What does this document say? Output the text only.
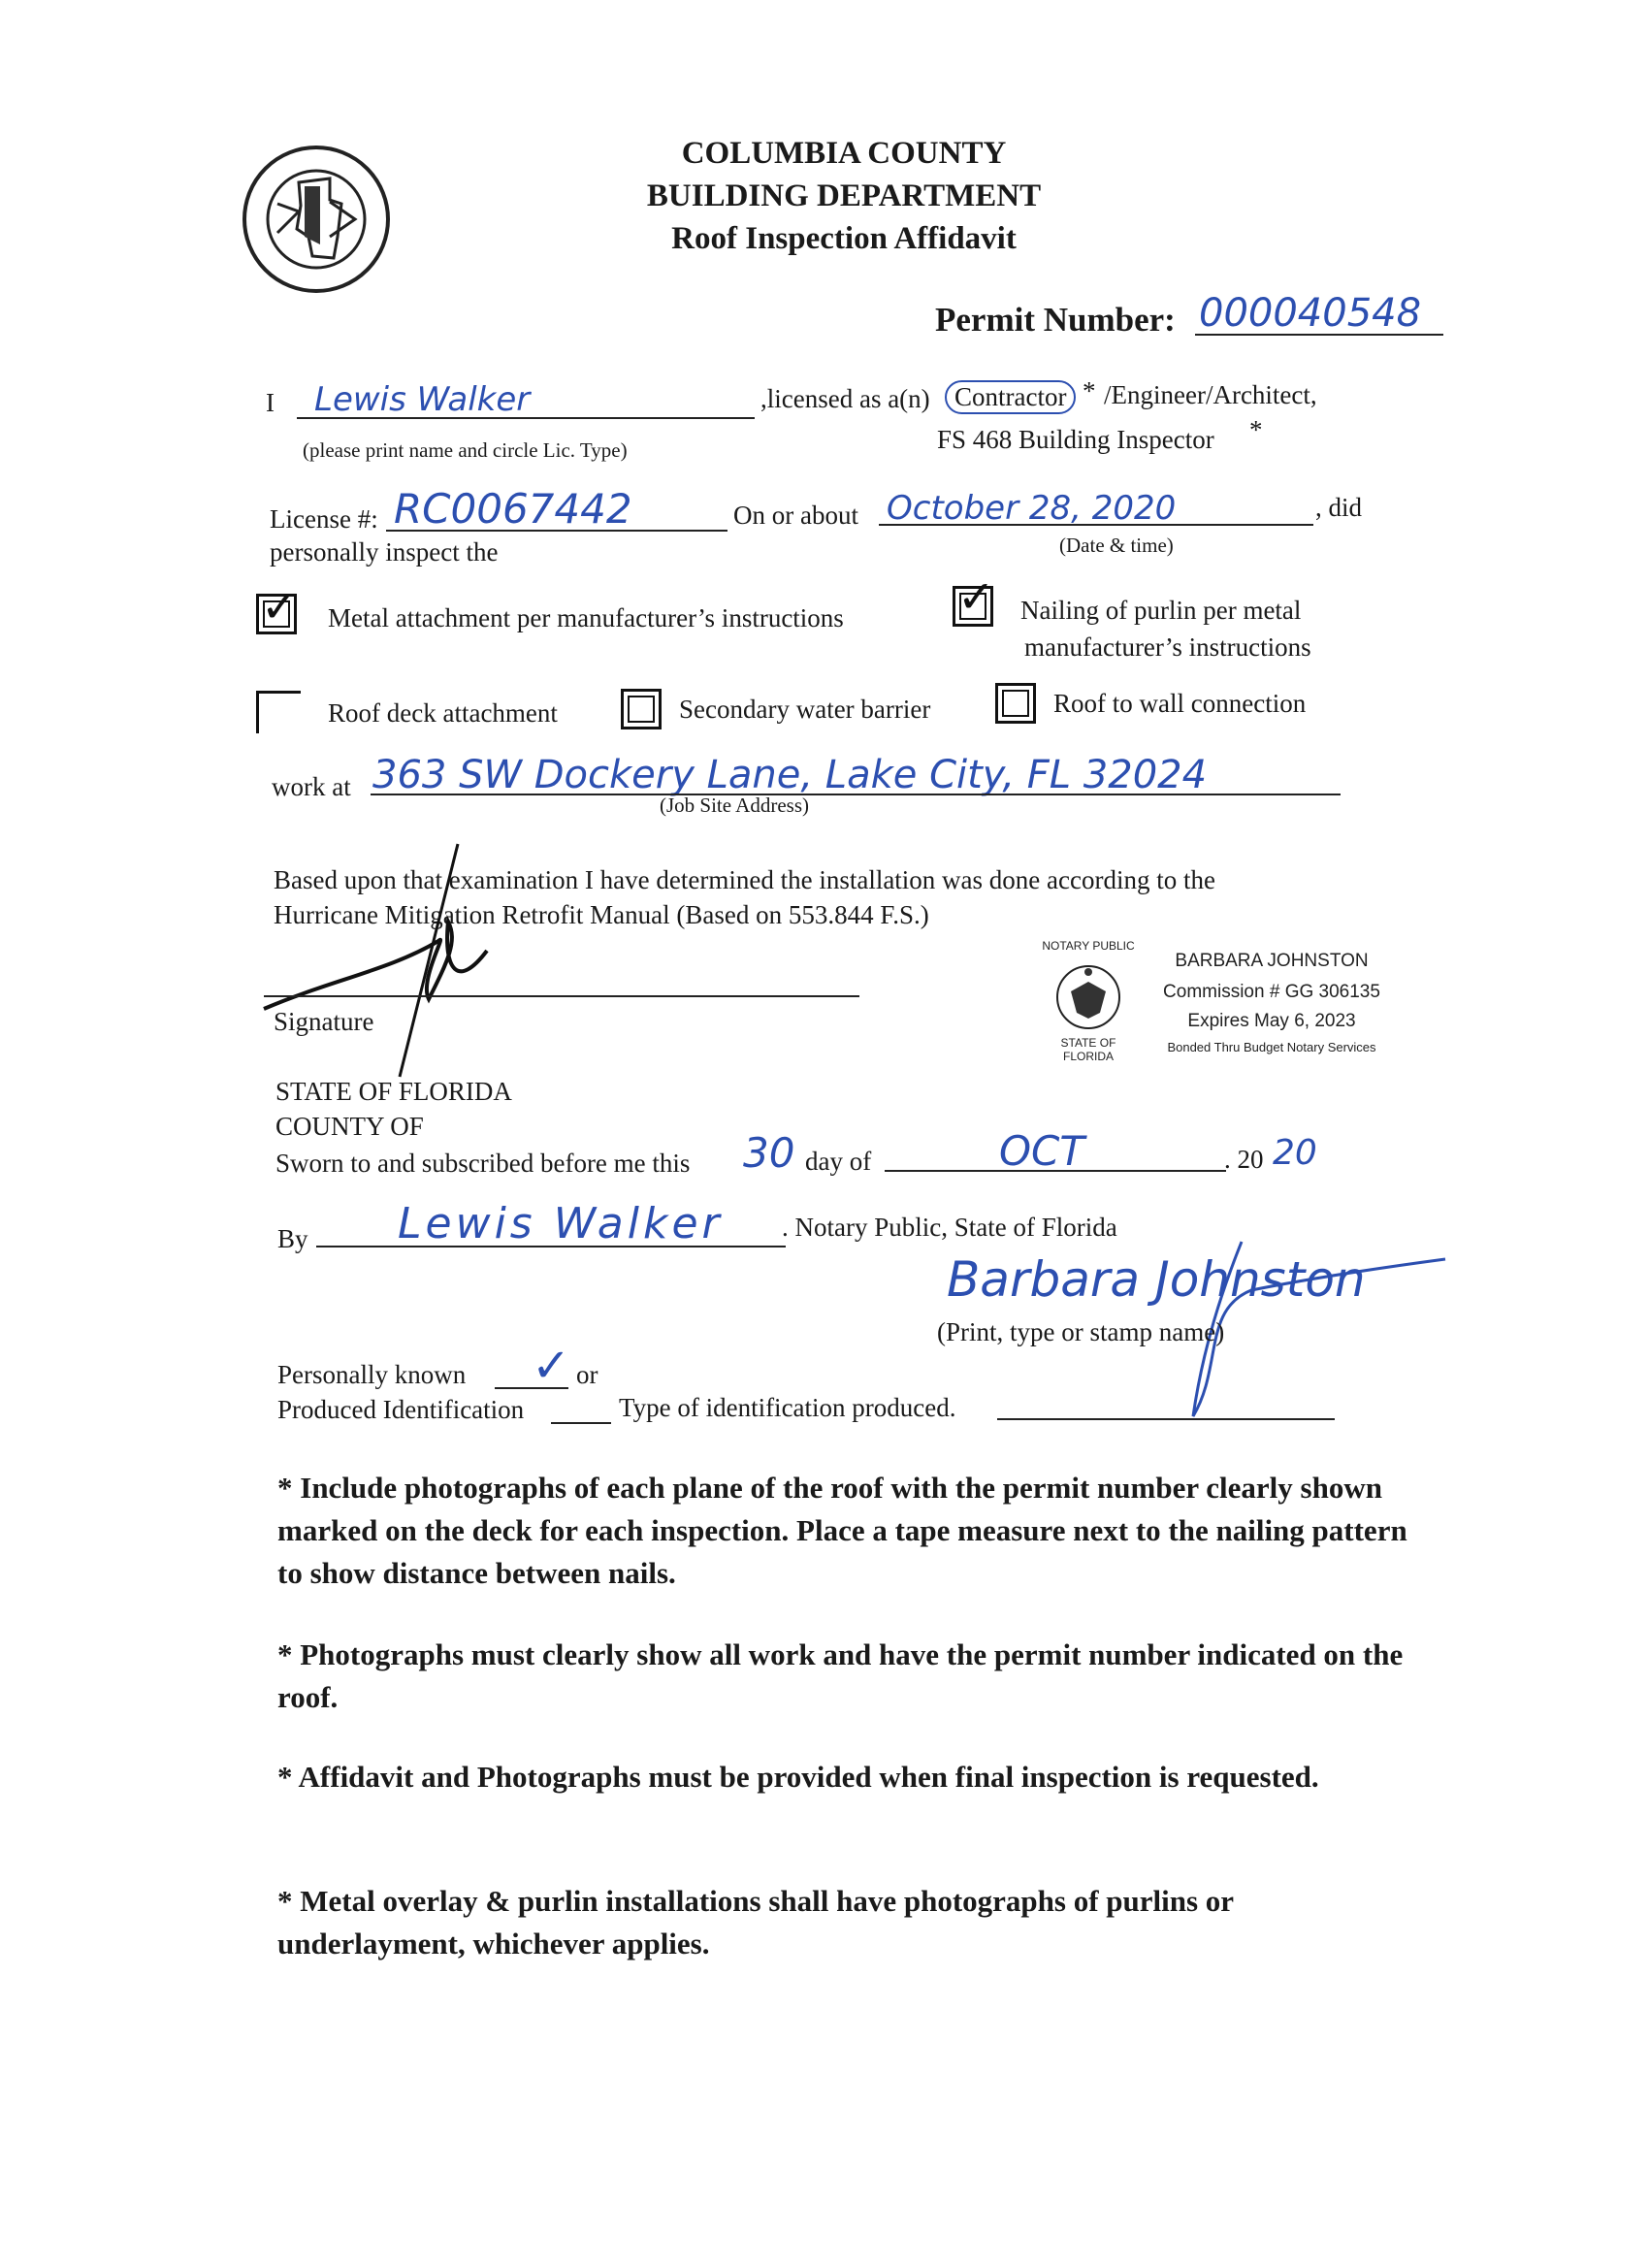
COLUMBIA COUNTY
BUILDING DEPARTMENT
Roof Inspection Affidavit
Permit Number: 000040548
I Lewis Walker	,licensed as a(n) Contractor * /Engineer/Architect,
(please print name and circle Lic. Type)	FS 468 Building Inspector *
License #: RC0067442	On or about October 28, 2020	, did
(Date & time)
personally inspect the
✓ Metal attachment per manufacturer’s instructions	✓ Nailing of purlin per metal
manufacturer’s instructions
Roof deck attachment	Secondary water barrier	Roof to wall connection
work at 363 SW Dockery Lane, Lake City, FL 32024
(Job Site Address)
Based upon that examination I have determined the installation was done according to the
Hurricane Mitigation Retrofit Manual (Based on 553.844 F.S.)
Signature
NOTARY PUBLIC
STATE OF FLORIDA
BARBARA JOHNSTON
Commission # GG 306135
Expires May 6, 2023
Bonded Thru Budget Notary Services
STATE OF FLORIDA
COUNTY OF
Sworn to and subscribed before me this 30 day of	OCT	. 20 20
By Lewis Walker . Notary Public, State of Florida
Barbara Johnston
(Print, type or stamp name)
Personally known ✓ or
Produced Identification	Type of identification produced.
* Include photographs of each plane of the roof with the permit number clearly shown marked on the deck for each inspection. Place a tape measure next to the nailing pattern to show distance between nails.
* Photographs must clearly show all work and have the permit number indicated on the roof.
* Affidavit and Photographs must be provided when final inspection is requested.
* Metal overlay & purlin installations shall have photographs of purlins or underlayment, whichever applies.
